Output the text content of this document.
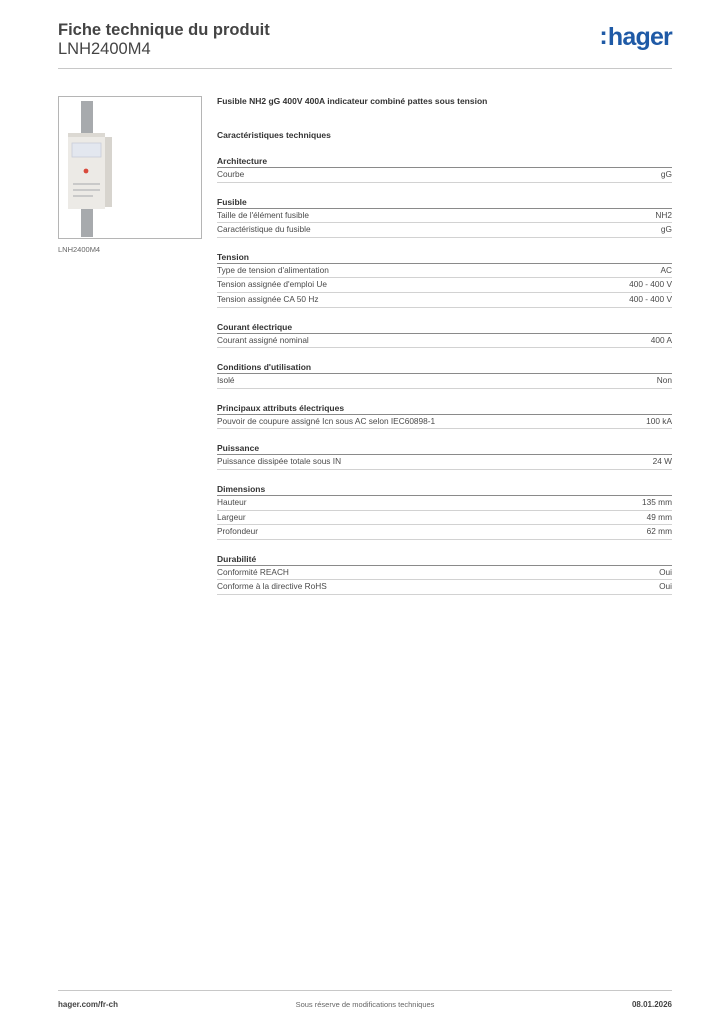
Fiche technique du produit
LNH2400M4	:hager
LNH2400M4
Fusible NH2 gG 400V 400A indicateur combiné pattes sous tension
Caractéristiques techniques
Architecture
Courbe	gG
Fusible
Taille de l'élément fusible	NH2
Caractéristique du fusible	gG
Tension
Type de tension d'alimentation	AC
Tension assignée d'emploi Ue	400 - 400 V
Tension assignée CA 50 Hz	400 - 400 V
Courant électrique
Courant assigné nominal	400 A
Conditions d'utilisation
Isolé	Non
Principaux attributs électriques
Pouvoir de coupure assigné Icn sous AC selon IEC60898-1	100 kA
Puissance
Puissance dissipée totale sous IN	24 W
Dimensions
Hauteur	135 mm
Largeur	49 mm
Profondeur	62 mm
Durabilité
Conformité REACH	Oui
Conforme à la directive RoHS	Oui
hager.com/fr-ch	Sous réserve de modifications techniques	08.01.2026
